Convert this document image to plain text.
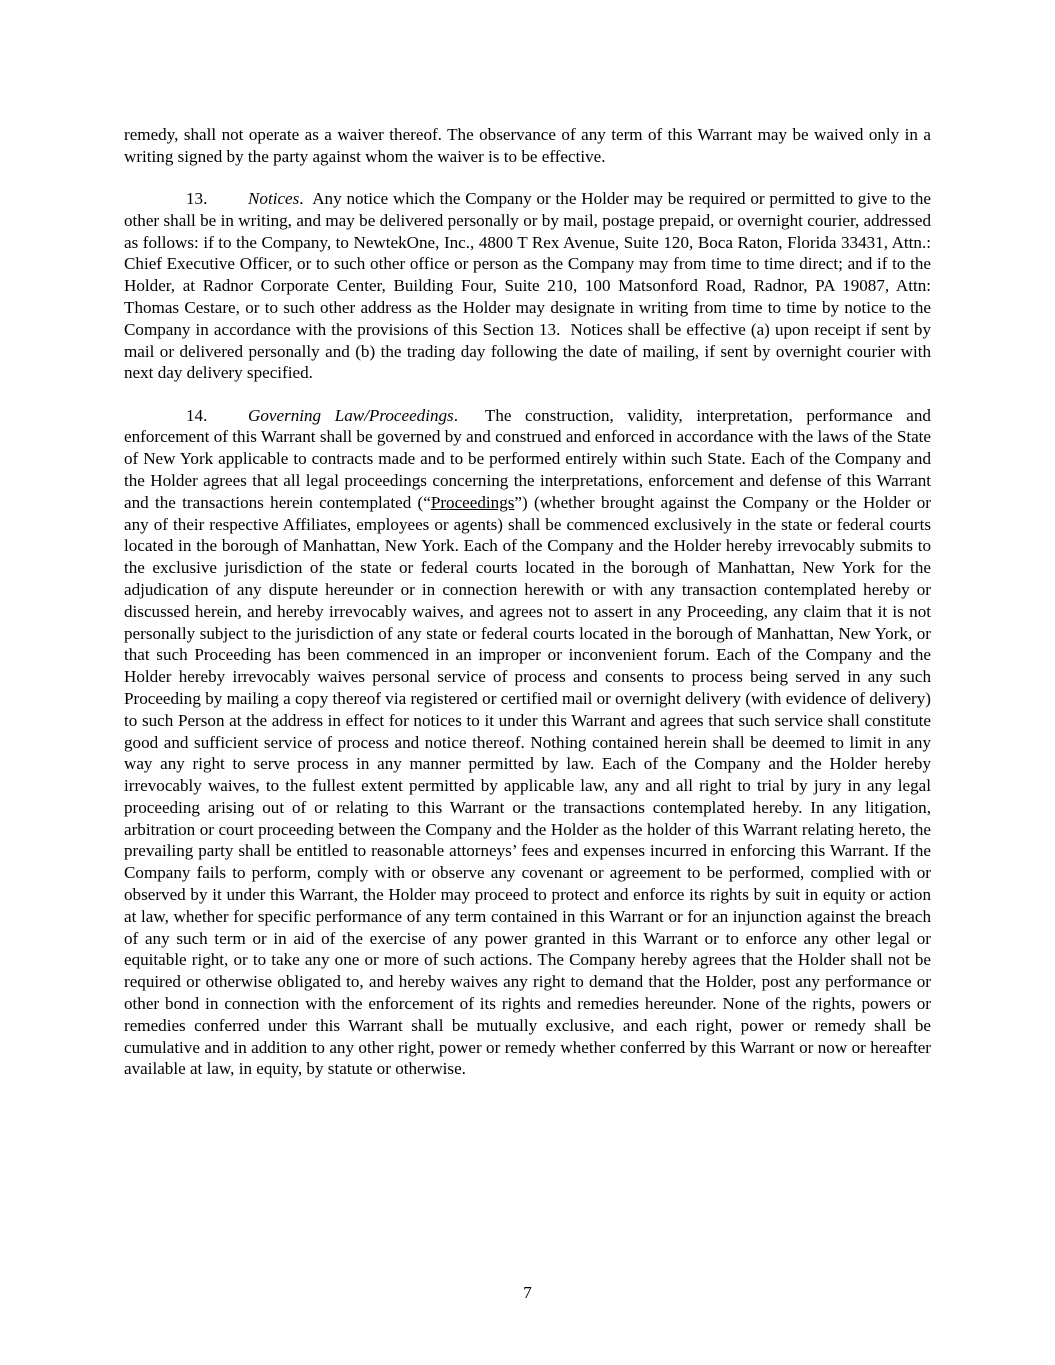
remedy, shall not operate as a waiver thereof. The observance of any term of this Warrant may be waived only in a writing signed by the party against whom the waiver is to be effective.

13. Notices.  Any notice which the Company or the Holder may be required or permitted to give to the other shall be in writing, and may be delivered personally or by mail, postage prepaid, or overnight courier, addressed as follows: if to the Company, to NewtekOne, Inc., 4800 T Rex Avenue, Suite 120, Boca Raton, Florida 33431, Attn.: Chief Executive Officer, or to such other office or person as the Company may from time to time direct; and if to the Holder, at Radnor Corporate Center, Building Four, Suite 210, 100 Matsonford Road, Radnor, PA 19087, Attn: Thomas Cestare, or to such other address as the Holder may designate in writing from time to time by notice to the Company in accordance with the provisions of this Section 13.  Notices shall be effective (a) upon receipt if sent by mail or delivered personally and (b) the trading day following the date of mailing, if sent by overnight courier with next day delivery specified.

14. Governing Law/Proceedings.  The construction, validity, interpretation, performance and enforcement of this Warrant shall be governed by and construed and enforced in accordance with the laws of the State of New York applicable to contracts made and to be performed entirely within such State. Each of the Company and the Holder agrees that all legal proceedings concerning the interpretations, enforcement and defense of this Warrant and the transactions herein contemplated (“Proceedings”) (whether brought against the Company or the Holder or any of their respective Affiliates, employees or agents) shall be commenced exclusively in the state or federal courts located in the borough of Manhattan, New York. Each of the Company and the Holder hereby irrevocably submits to the exclusive jurisdiction of the state or federal courts located in the borough of Manhattan, New York for the adjudication of any dispute hereunder or in connection herewith or with any transaction contemplated hereby or discussed herein, and hereby irrevocably waives, and agrees not to assert in any Proceeding, any claim that it is not personally subject to the jurisdiction of any state or federal courts located in the borough of Manhattan, New York, or that such Proceeding has been commenced in an improper or inconvenient forum. Each of the Company and the Holder hereby irrevocably waives personal service of process and consents to process being served in any such Proceeding by mailing a copy thereof via registered or certified mail or overnight delivery (with evidence of delivery) to such Person at the address in effect for notices to it under this Warrant and agrees that such service shall constitute good and sufficient service of process and notice thereof. Nothing contained herein shall be deemed to limit in any way any right to serve process in any manner permitted by law. Each of the Company and the Holder hereby irrevocably waives, to the fullest extent permitted by applicable law, any and all right to trial by jury in any legal proceeding arising out of or relating to this Warrant or the transactions contemplated hereby. In any litigation, arbitration or court proceeding between the Company and the Holder as the holder of this Warrant relating hereto, the prevailing party shall be entitled to reasonable attorneys’ fees and expenses incurred in enforcing this Warrant. If the Company fails to perform, comply with or observe any covenant or agreement to be performed, complied with or observed by it under this Warrant, the Holder may proceed to protect and enforce its rights by suit in equity or action at law, whether for specific performance of any term contained in this Warrant or for an injunction against the breach of any such term or in aid of the exercise of any power granted in this Warrant or to enforce any other legal or equitable right, or to take any one or more of such actions. The Company hereby agrees that the Holder shall not be required or otherwise obligated to, and hereby waives any right to demand that the Holder, post any performance or other bond in connection with the enforcement of its rights and remedies hereunder. None of the rights, powers or remedies conferred under this Warrant shall be mutually exclusive, and each right, power or remedy shall be cumulative and in addition to any other right, power or remedy whether conferred by this Warrant or now or hereafter available at law, in equity, by statute or otherwise.

7
